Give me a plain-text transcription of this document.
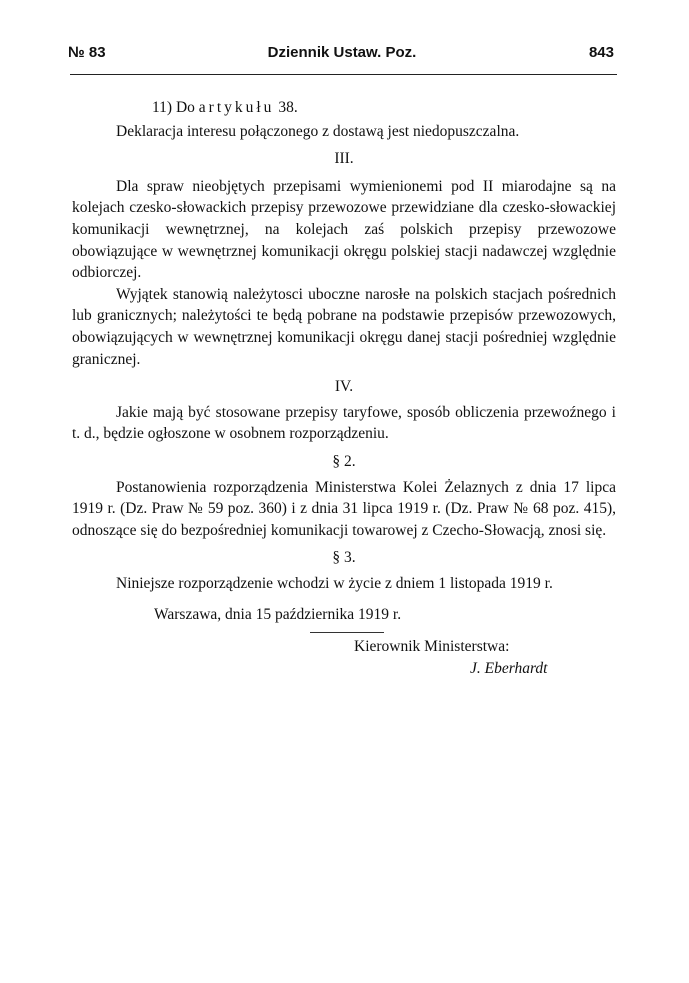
№ 83	Dziennik Ustaw. Poz.	843
11) Do artykułu 38.

Deklaracja interesu połączonego z dostawą jest niedopuszczalna.

III.

Dla spraw nieobjętych przepisami wymienionemi pod II miarodajne są na kolejach czesko-słowackich przepisy przewozowe przewidziane dla czesko-słowackiej komunikacji wewnętrznej, na kolejach zaś polskich przepisy przewozowe obowiązujące w wewnętrznej komunikacji okręgu polskiej stacji nadawczej względnie odbiorczej.

Wyjątek stanowią należytosci uboczne narosłe na polskich stacjach pośrednich lub granicznych; należytości te będą pobrane na podstawie przepisów przewozowych, obowiązujących w wewnętrznej komunikacji okręgu danej stacji pośredniej względnie granicznej.

IV.

Jakie mają być stosowane przepisy taryfowe, sposób obliczenia przewoźnego i t. d., będzie ogłoszone w osobnem rozporządzeniu.

§ 2.

Postanowienia rozporządzenia Ministerstwa Kolei Żelaznych z dnia 17 lipca 1919 r. (Dz. Praw № 59 poz. 360) i z dnia 31 lipca 1919 r. (Dz. Praw № 68 poz. 415), odnoszące się do bezpośredniej komunikacji towarowej z Czecho-Słowacją, znosi się.

§ 3.

Niniejsze rozporządzenie wchodzi w życie z dniem 1 listopada 1919 r.

Warszawa, dnia 15 października 1919 r.
Kierownik Ministerstwa:
J. Eberhardt
